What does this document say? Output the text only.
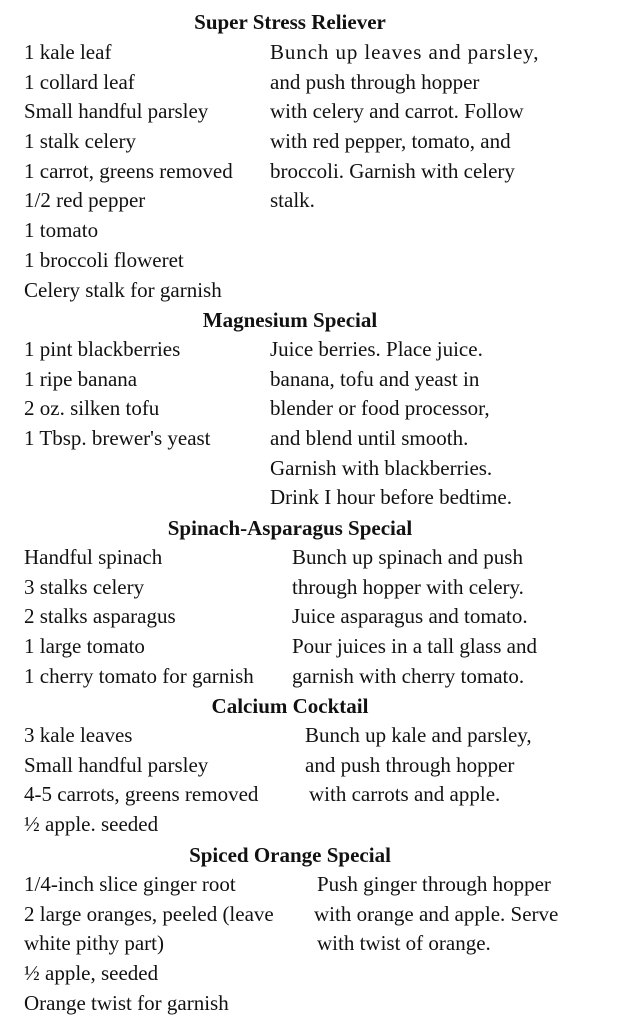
Super Stress Reliever
1 kale leaf
1 collard leaf
Small handful parsley
1 stalk celery
1 carrot, greens removed
1/2 red pepper
1 tomato
1 broccoli floweret
Celery stalk for garnish
Bunch up leaves and parsley,
and push through hopper
with celery and carrot. Follow
with red pepper, tomato, and
broccoli. Garnish with celery
stalk.
Magnesium Special
1 pint blackberries
1 ripe banana
2 oz. silken tofu
1 Tbsp. brewer's yeast
Juice berries. Place juice.
banana, tofu and yeast in
blender or food processor,
and blend until smooth.
Garnish with blackberries.
Drink I hour before bedtime.
Spinach-Asparagus Special
Handful spinach
3 stalks celery
2 stalks asparagus
1 large tomato
1 cherry tomato for garnish
Bunch up spinach and push
through hopper with celery.
Juice asparagus and tomato.
Pour juices in a tall glass and
garnish with cherry tomato.
Calcium Cocktail
3 kale leaves
Small handful parsley
4-5 carrots, greens removed
½ apple. seeded
Bunch up kale and parsley,
and push through hopper
with carrots and apple.
Spiced Orange Special
1/4-inch slice ginger root
2 large oranges, peeled (leave
white pithy part)
½ apple, seeded
Orange twist for garnish
Push ginger through hopper
with orange and apple. Serve
with twist of orange.
